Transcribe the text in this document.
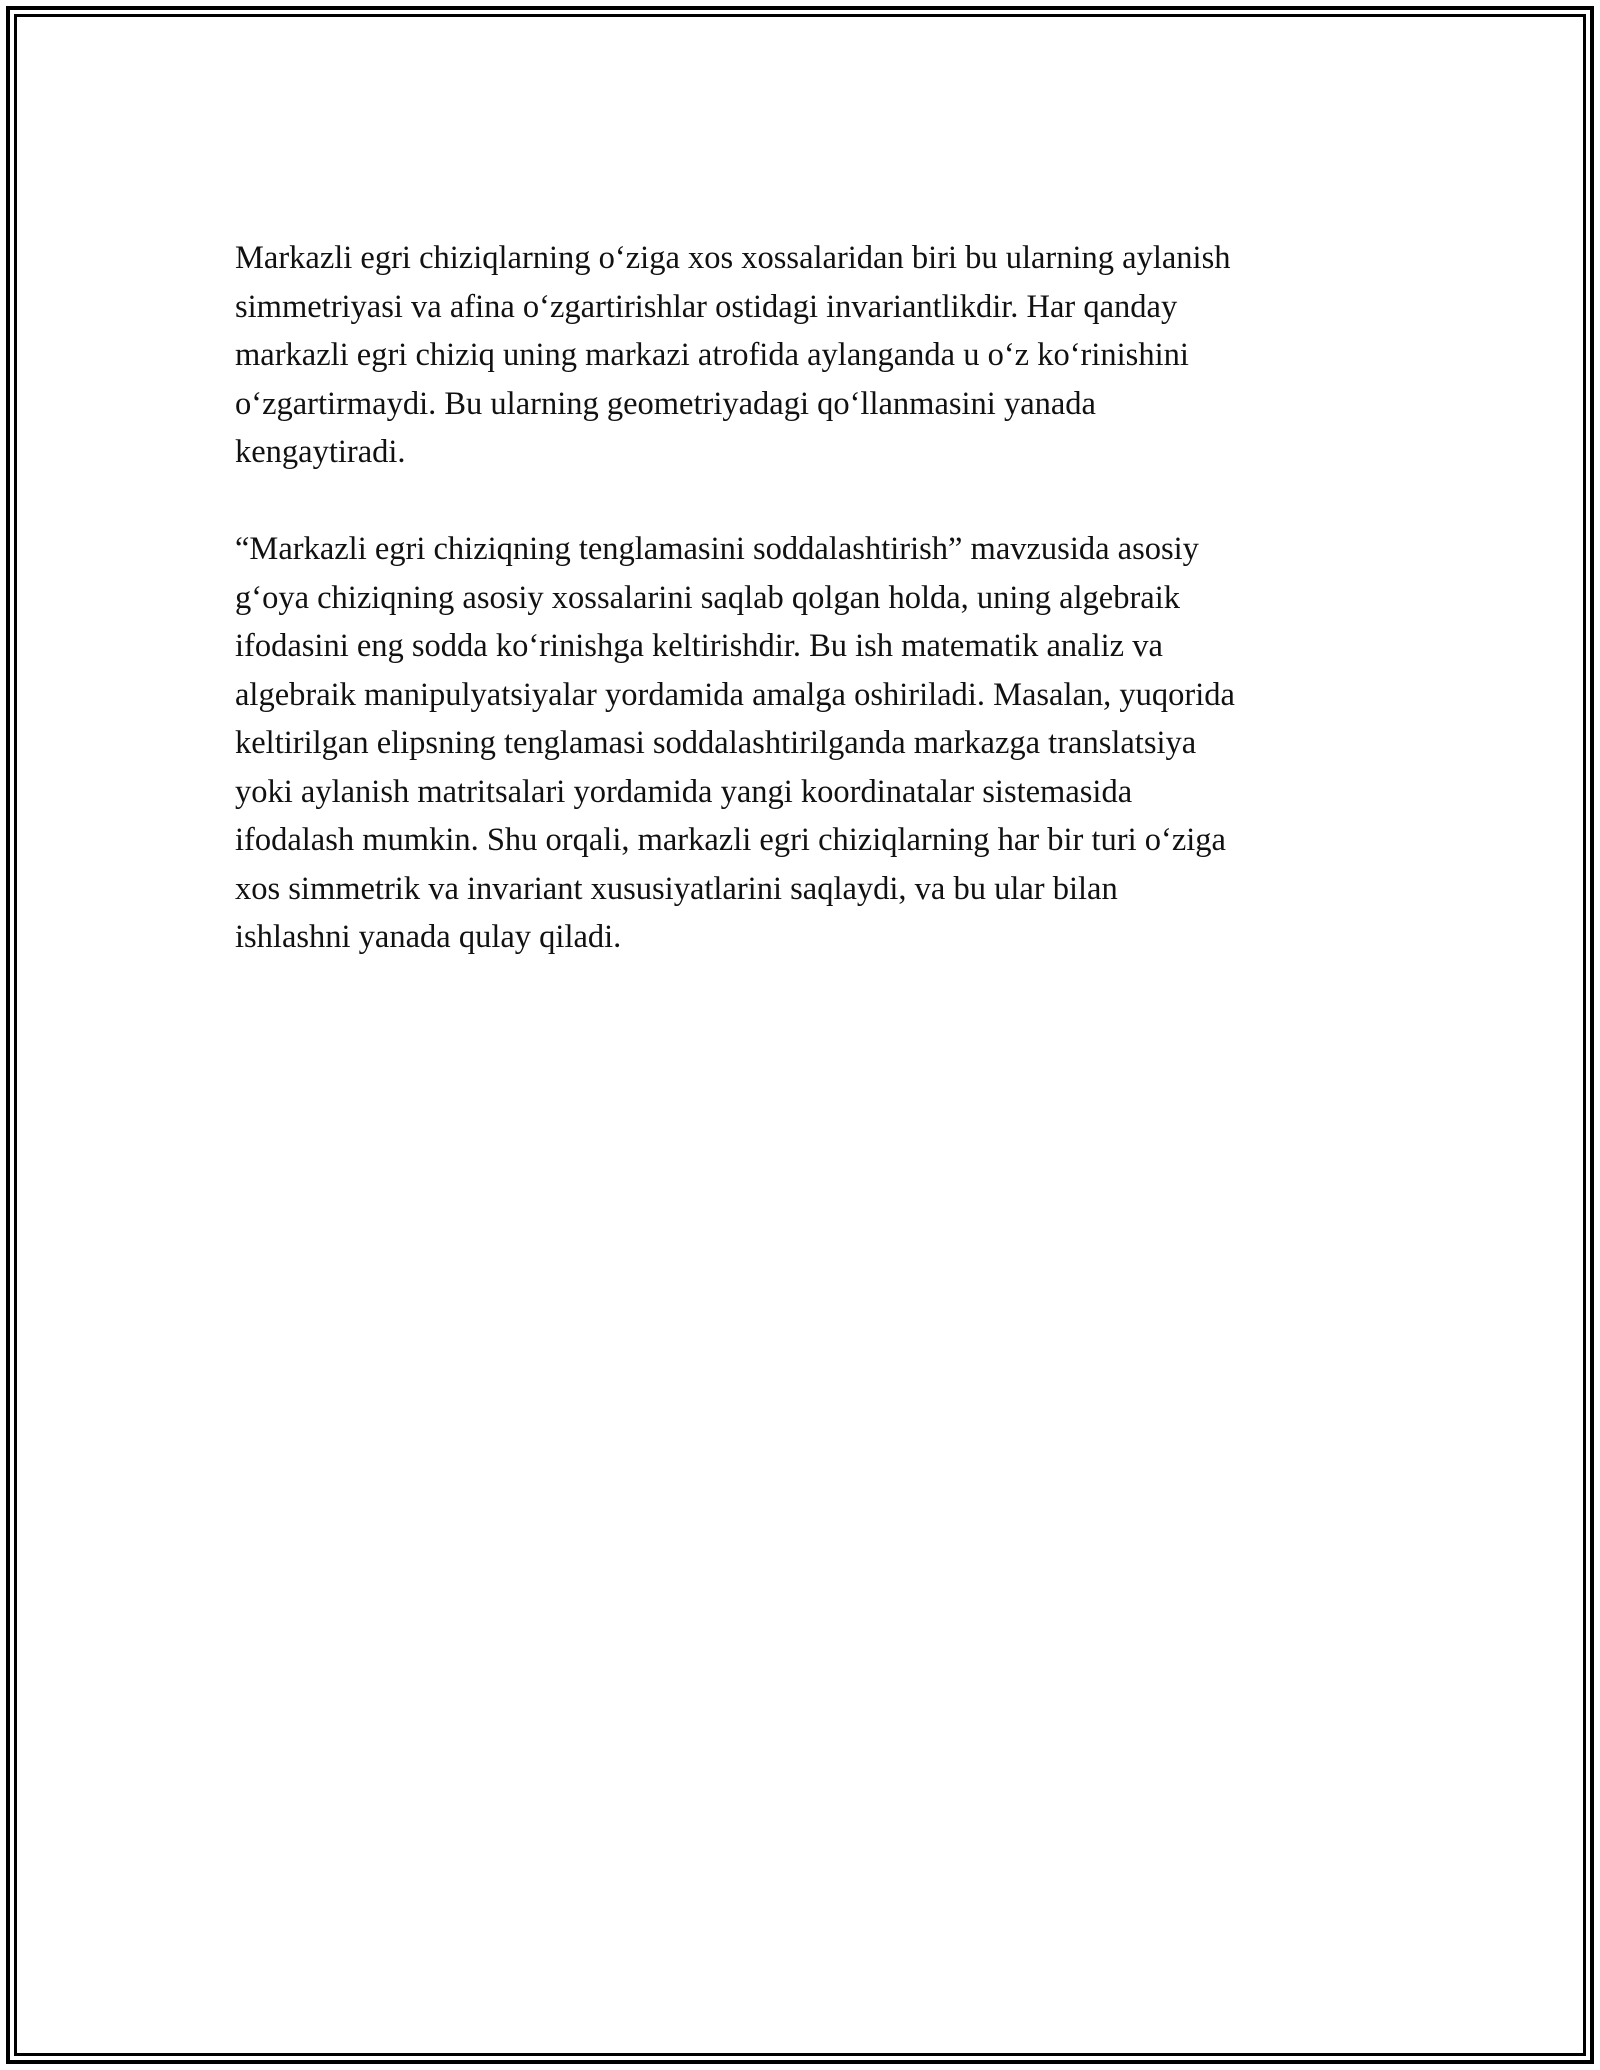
Markazli egri chiziqlarning o‘ziga xos xossalaridan biri bu ularning aylanish
simmetriyasi va afina o‘zgartirishlar ostidagi invariantlikdir. Har qanday
markazli egri chiziq uning markazi atrofida aylanganda u o‘z ko‘rinishini
o‘zgartirmaydi. Bu ularning geometriyadagi qo‘llanmasini yanada
kengaytiradi.

“Markazli egri chiziqning tenglamasini soddalashtirish” mavzusida asosiy
g‘oya chiziqning asosiy xossalarini saqlab qolgan holda, uning algebraik
ifodasini eng sodda ko‘rinishga keltirishdir. Bu ish matematik analiz va
algebraik manipulyatsiyalar yordamida amalga oshiriladi. Masalan, yuqorida
keltirilgan elipsning tenglamasi soddalashtirilganda markazga translatsiya
yoki aylanish matritsalari yordamida yangi koordinatalar sistemasida
ifodalash mumkin. Shu orqali, markazli egri chiziqlarning har bir turi o‘ziga
xos simmetrik va invariant xususiyatlarini saqlaydi, va bu ular bilan
ishlashni yanada qulay qiladi.
